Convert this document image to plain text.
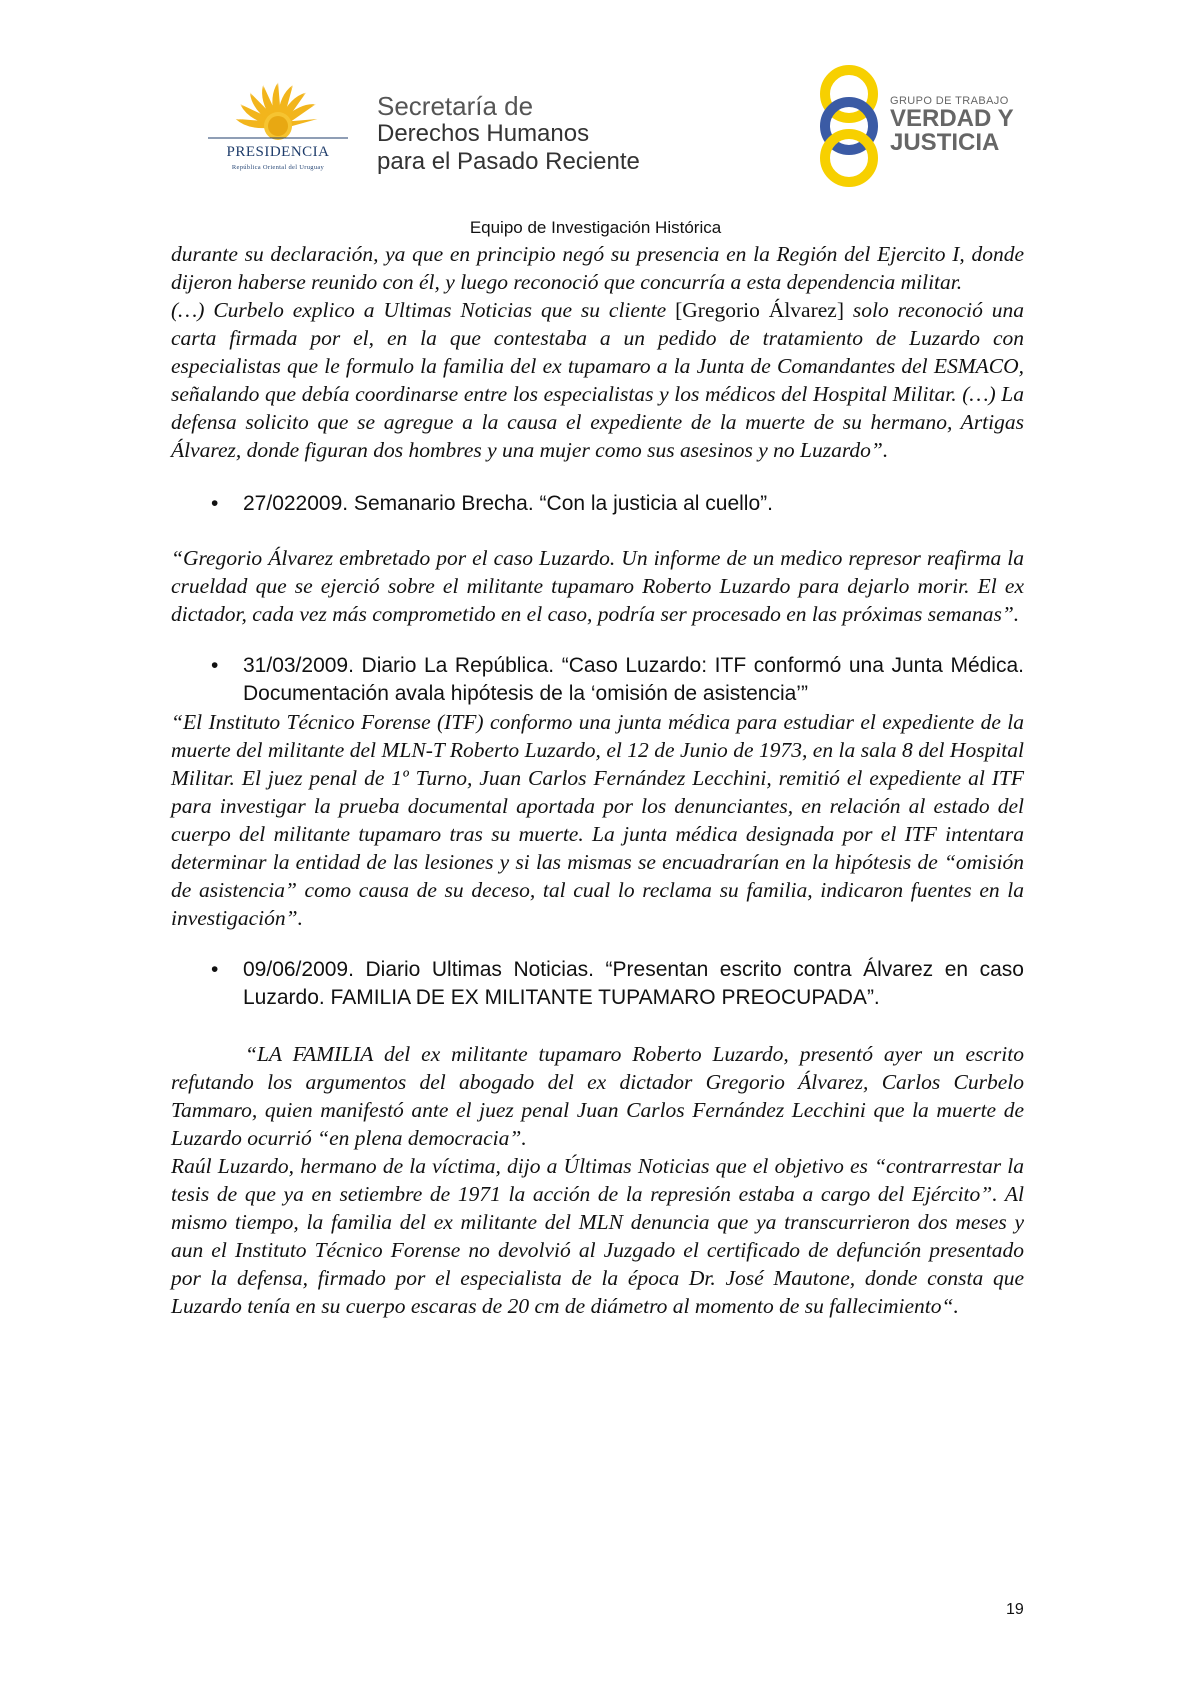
PRESIDENCIA
República Oriental del Uruguay
Secretaría de
Derechos Humanos
para el Pasado Reciente
GRUPO DE TRABAJO
VERDAD Y
JUSTICIA
Equipo de Investigación Histórica

durante su declaración, ya que en principio negó su presencia en la Región del Ejercito I, donde dijeron haberse reunido con él, y luego reconoció que concurría a esta dependencia militar.

(…) Curbelo explico a Ultimas Noticias que su cliente [Gregorio Álvarez] solo reconoció una carta firmada por el, en la que contestaba a un pedido de tratamiento de Luzardo con especialistas que le formulo la familia del ex tupamaro a la Junta de Comandantes del ESMACO, señalando que debía coordinarse entre los especialistas y los médicos del Hospital Militar. (…) La defensa solicito que se agregue a la causa el expediente de la muerte de su hermano, Artigas Álvarez, donde figuran dos hombres y una mujer como sus asesinos y no Luzardo”.

•	27/022009. Semanario Brecha. “Con la justicia al cuello”.

“Gregorio Álvarez embretado por el caso Luzardo. Un informe de un medico represor reafirma la crueldad que se ejerció sobre el militante tupamaro Roberto Luzardo para dejarlo morir. El ex dictador, cada vez más comprometido en el caso, podría ser procesado en las próximas semanas”.

•	31/03/2009. Diario La República. “Caso Luzardo: ITF conformó una Junta Médica. Documentación avala hipótesis de la ‘omisión de asistencia’”

“El Instituto Técnico Forense (ITF) conformo una junta médica para estudiar el expediente de la muerte del militante del MLN-T Roberto Luzardo, el 12 de Junio de 1973, en la sala 8 del Hospital Militar. El juez penal de 1º Turno, Juan Carlos Fernández Lecchini, remitió el expediente al ITF para investigar la prueba documental aportada por los denunciantes, en relación al estado del cuerpo del militante tupamaro tras su muerte. La junta médica designada por el ITF intentara determinar la entidad de las lesiones y si las mismas se encuadrarían en la hipótesis de “omisión de asistencia” como causa de su deceso, tal cual lo reclama su familia, indicaron fuentes en la investigación”.

•	09/06/2009. Diario Ultimas Noticias. “Presentan escrito contra Álvarez en caso Luzardo. FAMILIA DE EX MILITANTE TUPAMARO PREOCUPADA”.

“LA FAMILIA del ex militante tupamaro Roberto Luzardo, presentó ayer un escrito refutando los argumentos del abogado del ex dictador Gregorio Álvarez, Carlos Curbelo Tammaro, quien manifestó ante el juez penal Juan Carlos Fernández Lecchini que la muerte de Luzardo ocurrió “en plena democracia”.

Raúl Luzardo, hermano de la víctima, dijo a Últimas Noticias que el objetivo es “contrarrestar la tesis de que ya en setiembre de 1971 la acción de la represión estaba a cargo del Ejército”. Al mismo tiempo, la familia del ex militante del MLN denuncia que ya transcurrieron dos meses y aun el Instituto Técnico Forense no devolvió al Juzgado el certificado de defunción presentado por la defensa, firmado por el especialista de la época Dr. José Mautone, donde consta que Luzardo tenía en su cuerpo escaras de 20 cm de diámetro al momento de su fallecimiento“.

19
